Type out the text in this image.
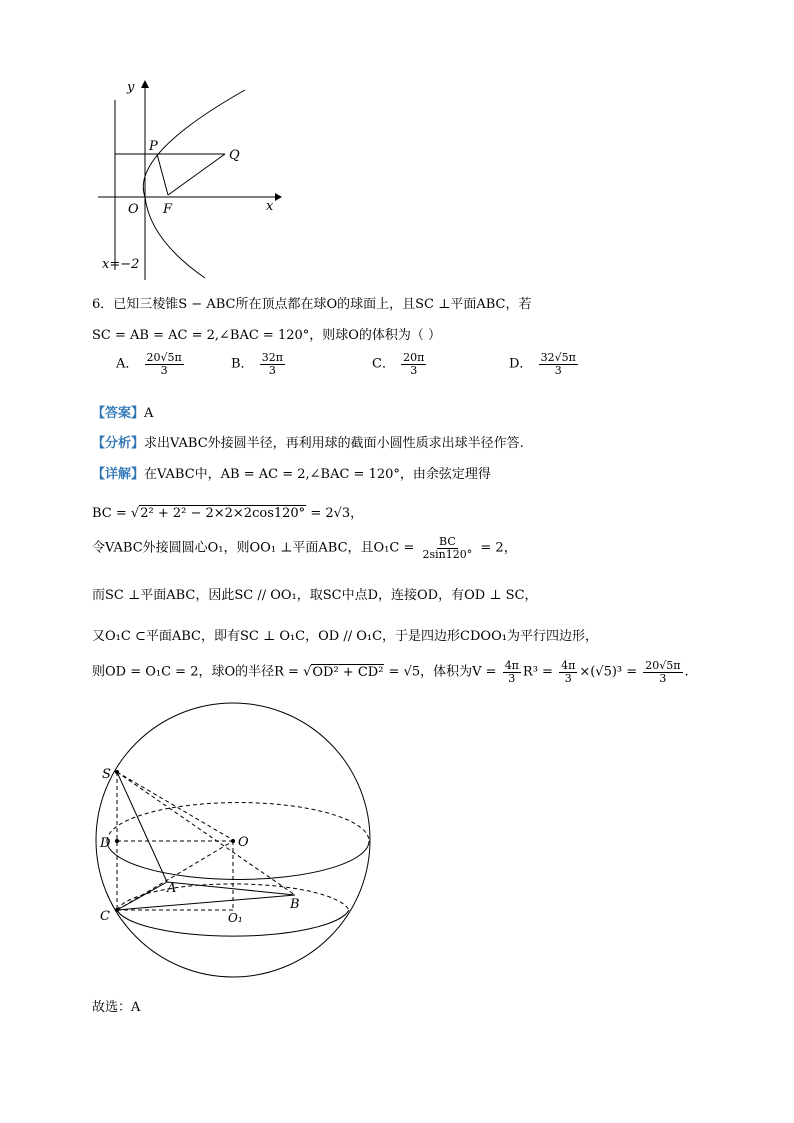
y
x
O
P
Q
F
x=−2
6．已知三棱锥S − ABC所在顶点都在球O的球面上，且SC ⊥平面ABC，若
SC = AB = AC = 2,∠BAC = 120°，则球O的体积为（ ）
A． $\frac{20√5\pi}{3}$	B． $\frac{32\pi}{3}$	C． $\frac{20\pi}{3}$	D． $\frac{32√5\pi}{3}$
【答案】A
【分析】求出VABC外接圆半径，再利用球的截面小圆性质求出球半径作答.
【详解】在VABC中，AB = AC = 2,∠BAC = 120°，由余弦定理得
BC = √2² + 2² − 2×2×2cos120° = 2√3，
令VABC外接圆圆心O₁，则OO₁ ⊥平面ABC，且$O_1C = \frac{BC}{2\sin 120^\circ} = 2$，
而SC ⊥平面ABC，因此SC // OO₁，取SC中点D，连接OD，有OD ⊥ SC，
又O₁C ⊂平面ABC，即有SC ⊥ O₁C，OD // O₁C，于是四边形CDOO₁为平行四边形，
则OD = O₁C = 2，球O的半径R = √OD² + CD² = √5，体积为$V = \frac{4\pi}{3} R^3 = \frac{4\pi}{3} \times(√5)^3 = \frac{20√5\pi}{3}$ .
S
O
D
A
B
C	O₁
故选：A
